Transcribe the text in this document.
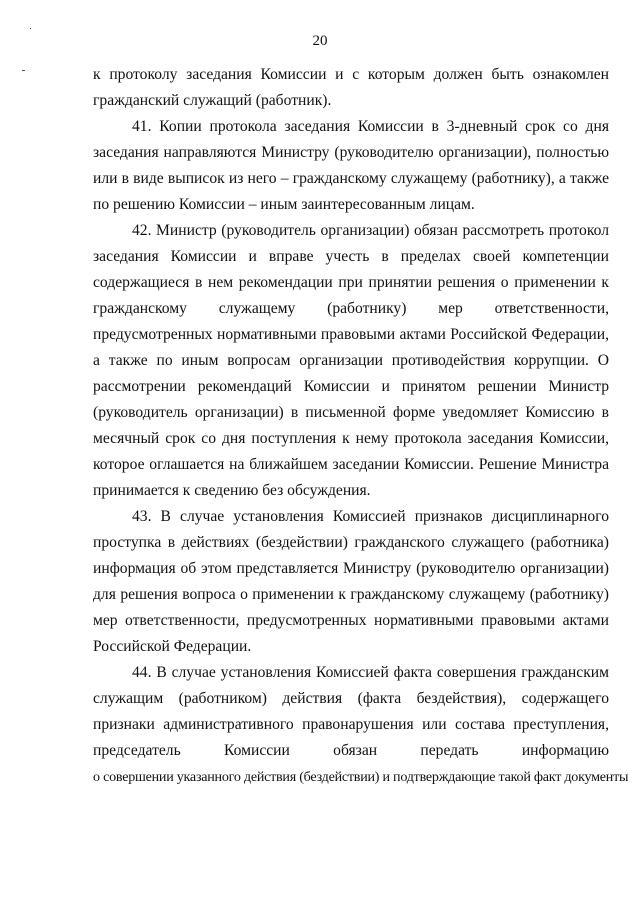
20

к протоколу заседания Комиссии и с которым должен быть ознакомлен гражданский служащий (работник).

41. Копии протокола заседания Комиссии в 3-дневный срок со дня заседания направляются Министру (руководителю организации), полностью или в виде выписок из него – гражданскому служащему (работнику), а также по решению Комиссии – иным заинтересованным лицам.

42. Министр (руководитель организации) обязан рассмотреть протокол заседания Комиссии и вправе учесть в пределах своей компетенции содержащиеся в нем рекомендации при принятии решения о применении к гражданскому служащему (работнику) мер ответственности, предусмотренных нормативными правовыми актами Российской Федерации, а также по иным вопросам организации противодействия коррупции. О рассмотрении рекомендаций Комиссии и принятом решении Министр (руководитель организации) в письменной форме уведомляет Комиссию в месячный срок со дня поступления к нему протокола заседания Комиссии, которое оглашается на ближайшем заседании Комиссии. Решение Министра принимается к сведению без обсуждения.

43. В случае установления Комиссией признаков дисциплинарного проступка в действиях (бездействии) гражданского служащего (работника) информация об этом представляется Министру (руководителю организации) для решения вопроса о применении к гражданскому служащему (работнику) мер ответственности, предусмотренных нормативными правовыми актами Российской Федерации.

44. В случае установления Комиссией факта совершения гражданским служащим (работником) действия (факта бездействия), содержащего признаки административного правонарушения или состава преступления, председатель Комиссии обязан передать информацию

о совершении указанного действия (бездействии) и подтверждающие такой факт документы
